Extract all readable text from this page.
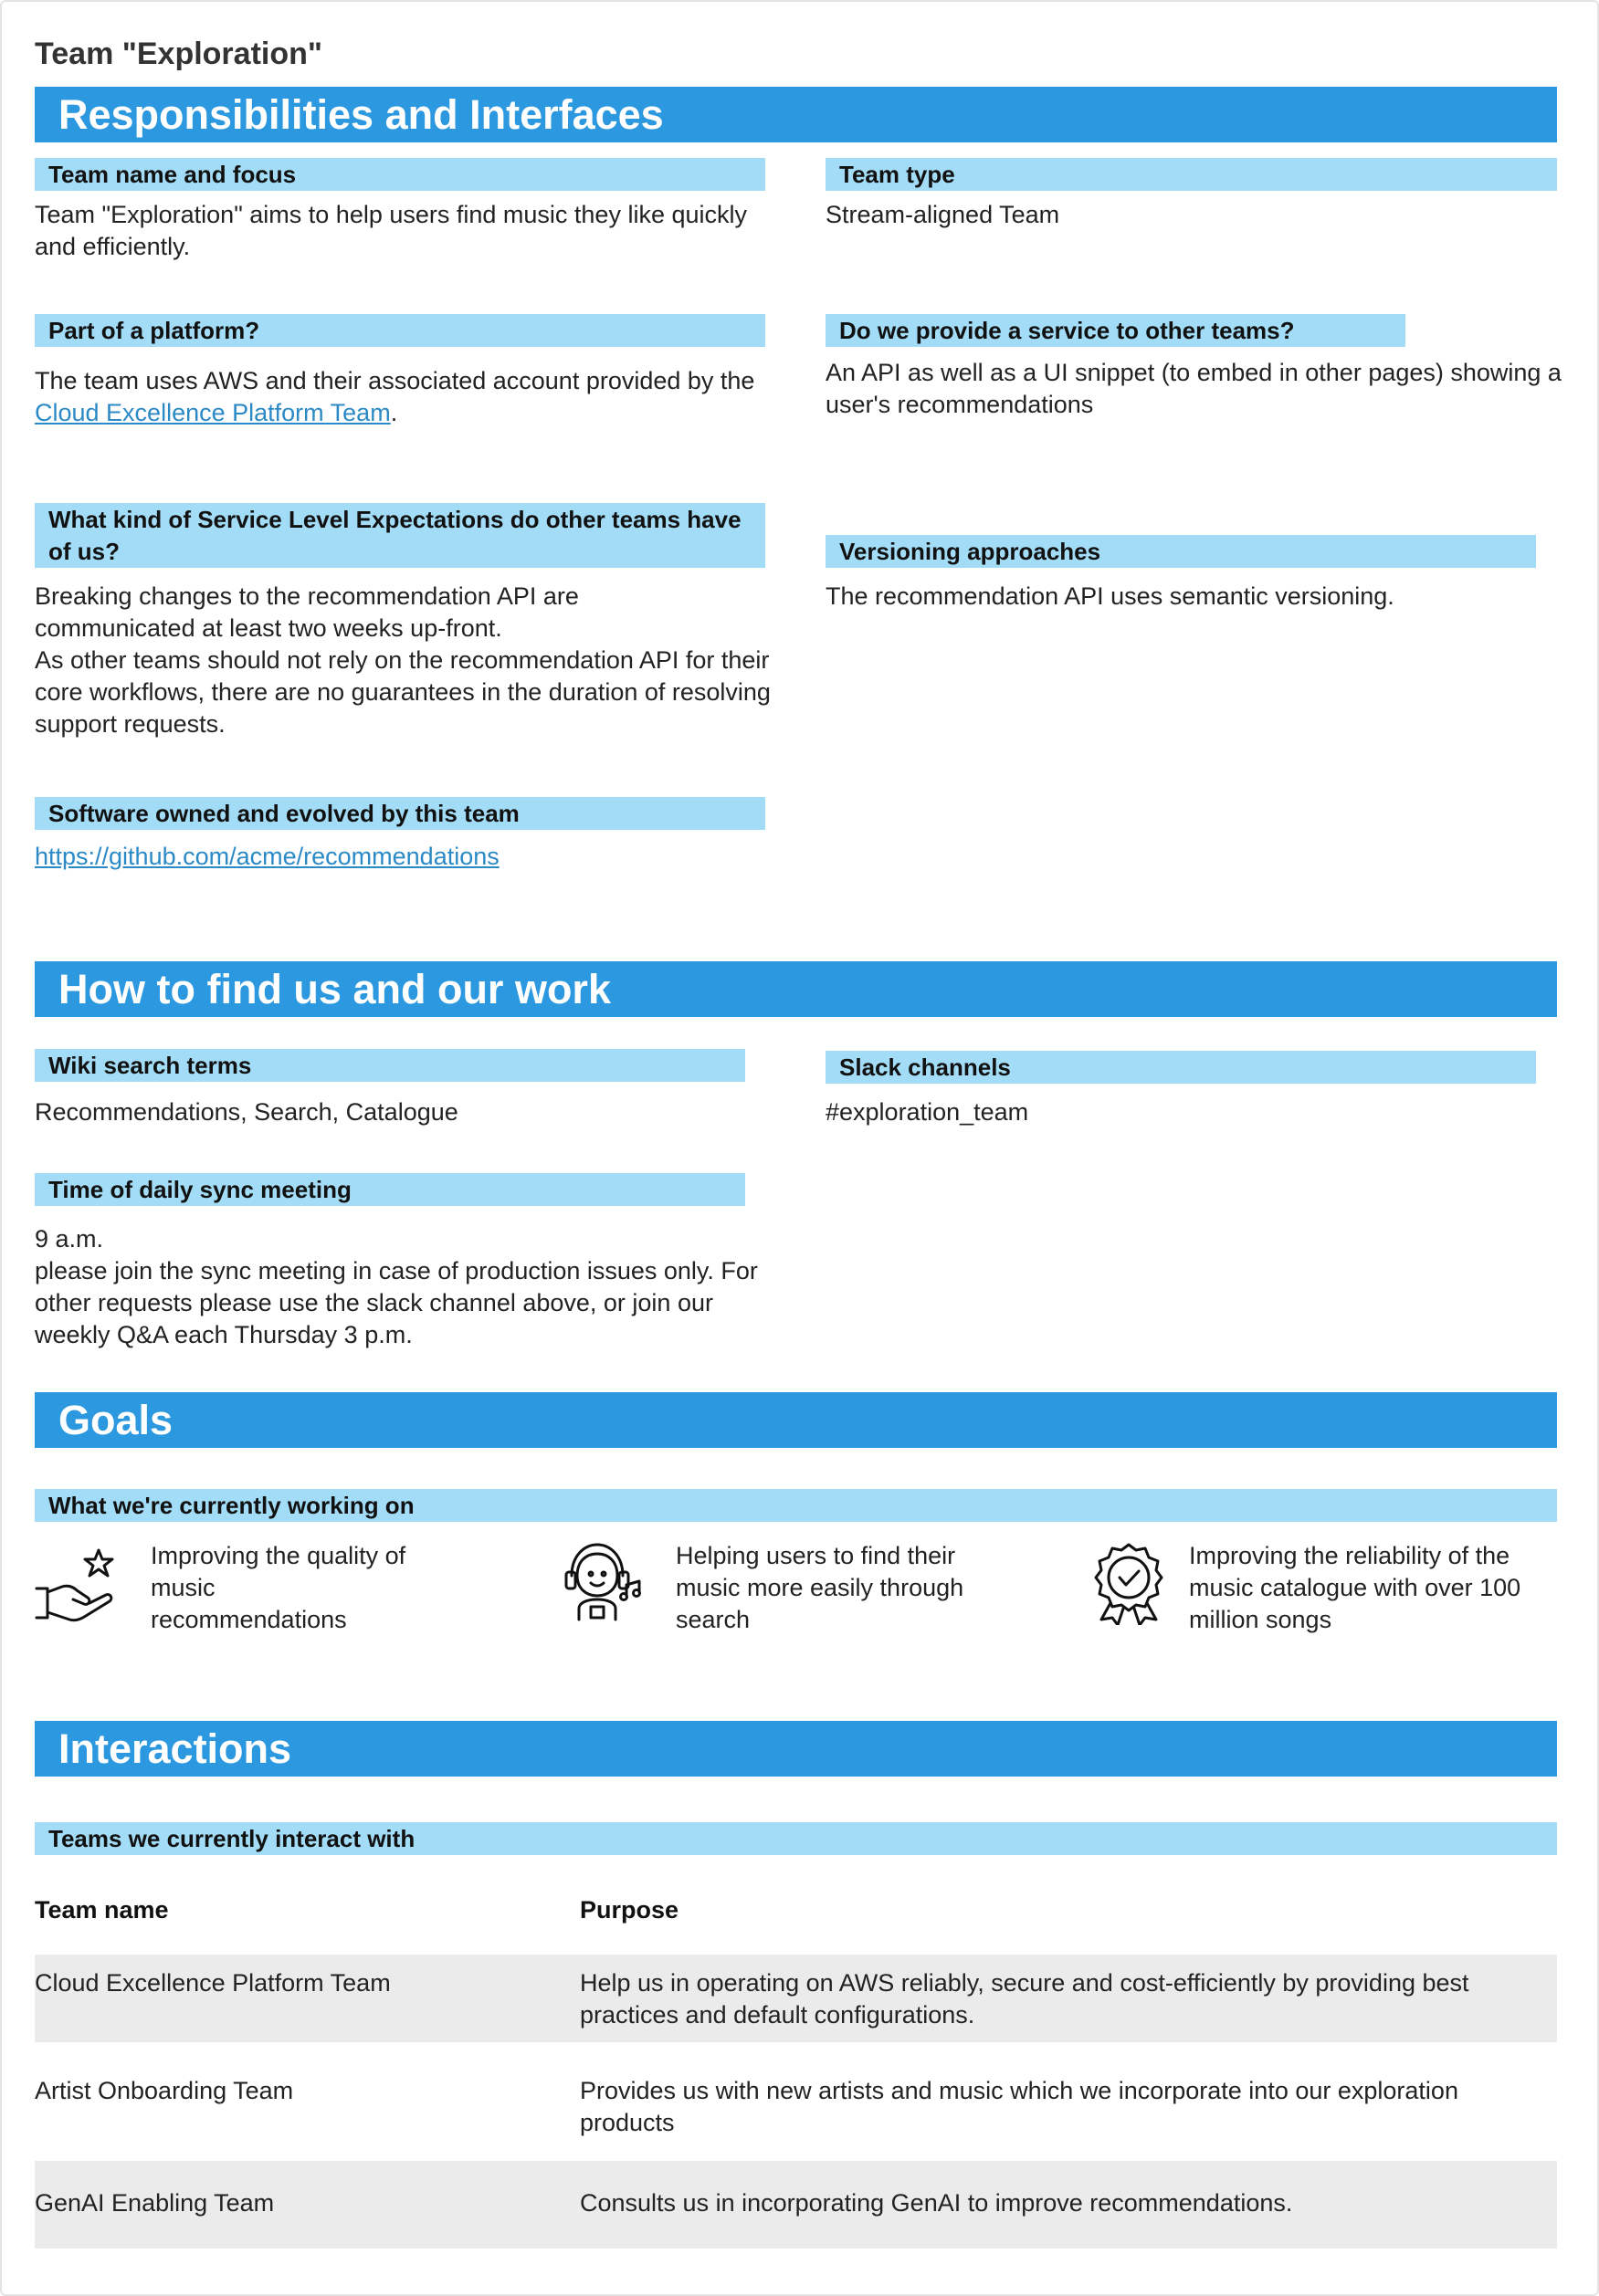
Team "Exploration"
Responsibilities and Interfaces
Team name and focus
Team "Exploration" aims to help users find music they like quickly and efficiently.
Team type
Stream-aligned Team
Part of a platform?
The team uses AWS and their associated account provided by the Cloud Excellence Platform Team.
Do we provide a service to other teams?
An API as well as a UI snippet (to embed in other pages) showing a user's recommendations
What kind of Service Level Expectations do other teams have of us?
Breaking changes to the recommendation API are communicated at least two weeks up-front.
As other teams should not rely on the recommendation API for their core workflows, there are no guarantees in the duration of resolving support requests.
Versioning approaches
The recommendation API uses semantic versioning.
Software owned and evolved by this team
https://github.com/acme/recommendations
How to find us and our work
Wiki search terms
Recommendations, Search, Catalogue
Slack channels
#exploration_team
Time of daily sync meeting
9 a.m.
please join the sync meeting in case of production issues only. For other requests please use the slack channel above, or join our weekly Q&A each Thursday 3 p.m.
Goals
What we're currently working on
Improving the quality of music recommendations
Helping users to find their music more easily through search
Improving the reliability of the music catalogue with over 100 million songs
Interactions
Teams we currently interact with
Team name	Purpose
Cloud Excellence Platform Team	Help us in operating on AWS reliably, secure and cost-efficiently by providing best practices and default configurations.
Artist Onboarding Team	Provides us with new artists and music which we incorporate into our exploration products
GenAI Enabling Team	Consults us in incorporating GenAI to improve recommendations.
